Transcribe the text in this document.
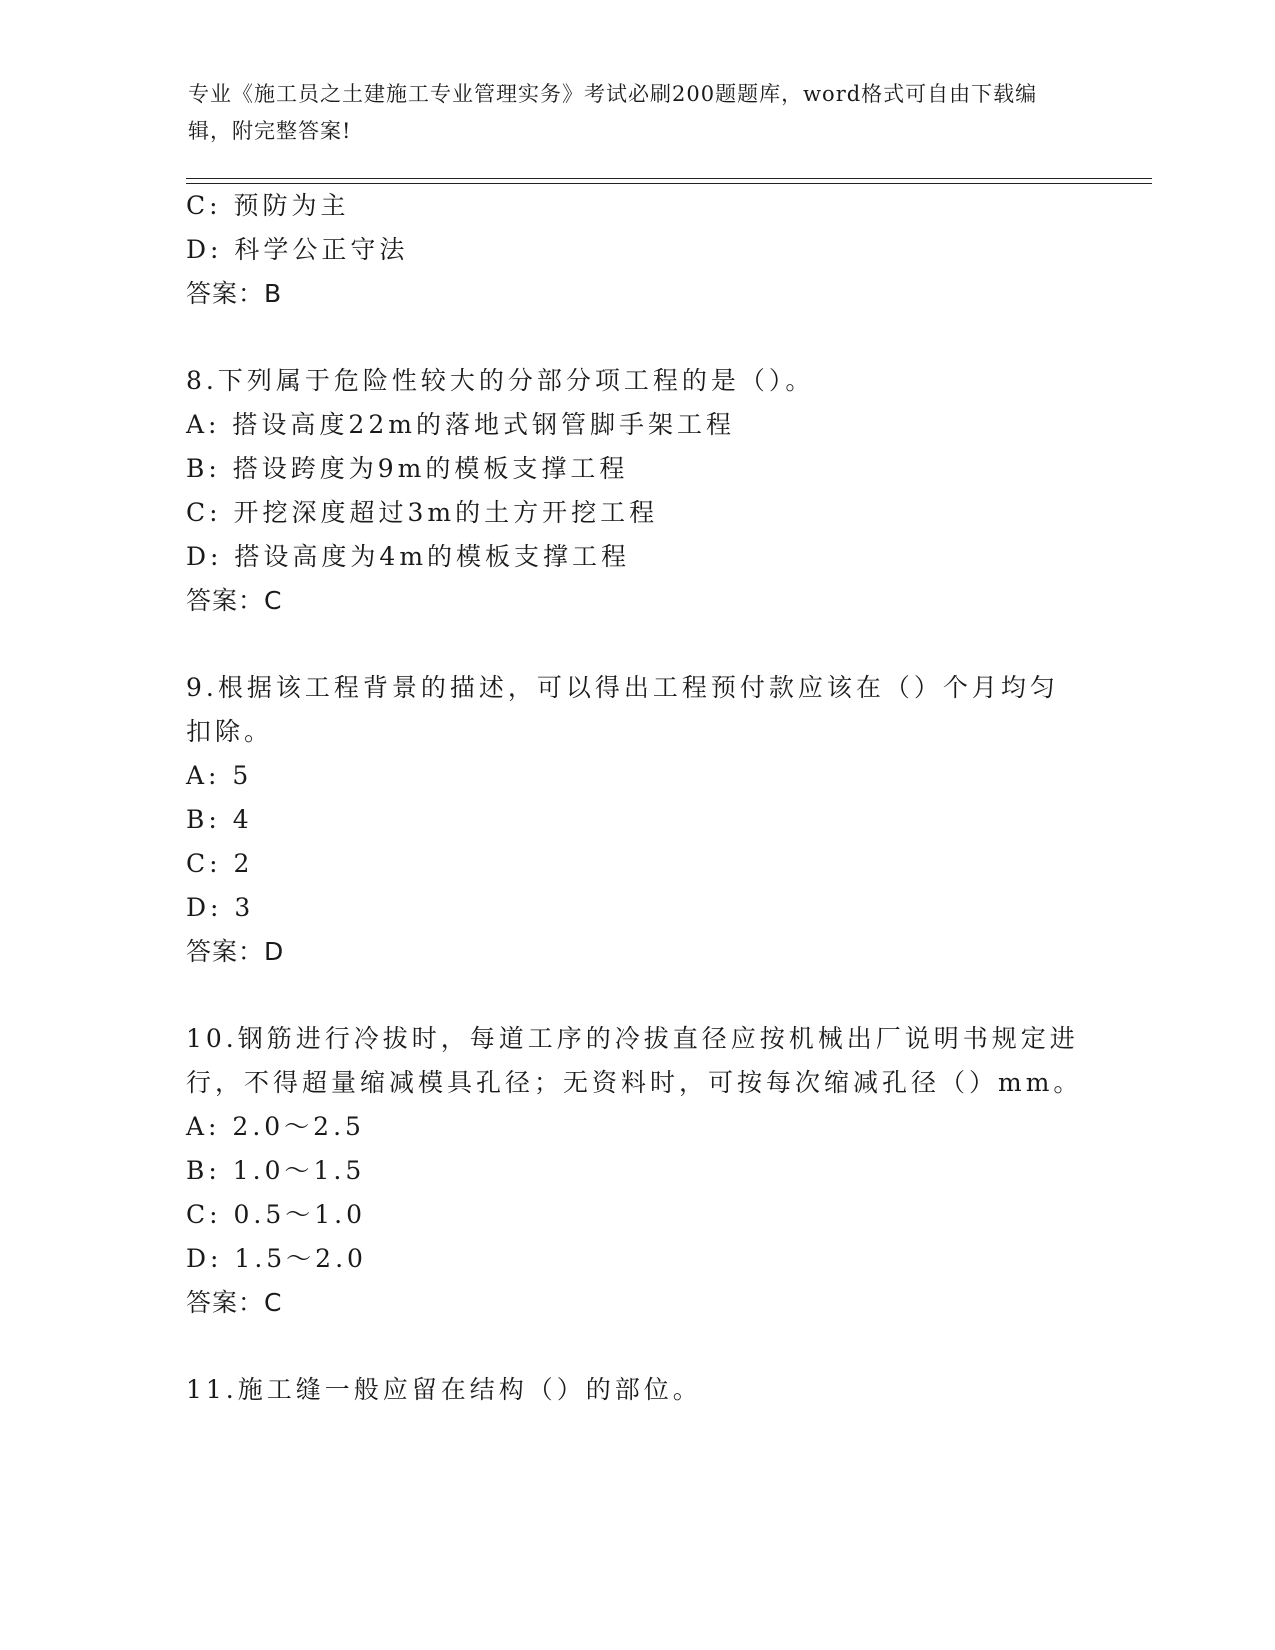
专业《施工员之土建施工专业管理实务》考试必刷200题题库，word格式可自由下载编辑，附完整答案!
C: 预防为主
D: 科学公正守法
答案：B
8.下列属于危险性较大的分部分项工程的是（）。
A: 搭设高度22m的落地式钢管脚手架工程
B: 搭设跨度为9m的模板支撑工程
C: 开挖深度超过3m的土方开挖工程
D: 搭设高度为4m的模板支撑工程
答案：C
9.根据该工程背景的描述，可以得出工程预付款应该在（）个月均匀
扣除。
A: 5
B: 4
C: 2
D: 3
答案：D
10.钢筋进行冷拔时，每道工序的冷拔直径应按机械出厂说明书规定进
行，不得超量缩减模具孔径；无资料时，可按每次缩减孔径（）mm。
A: 2.0～2.5
B: 1.0～1.5
C: 0.5～1.0
D: 1.5～2.0
答案：C
11.施工缝一般应留在结构（）的部位。
